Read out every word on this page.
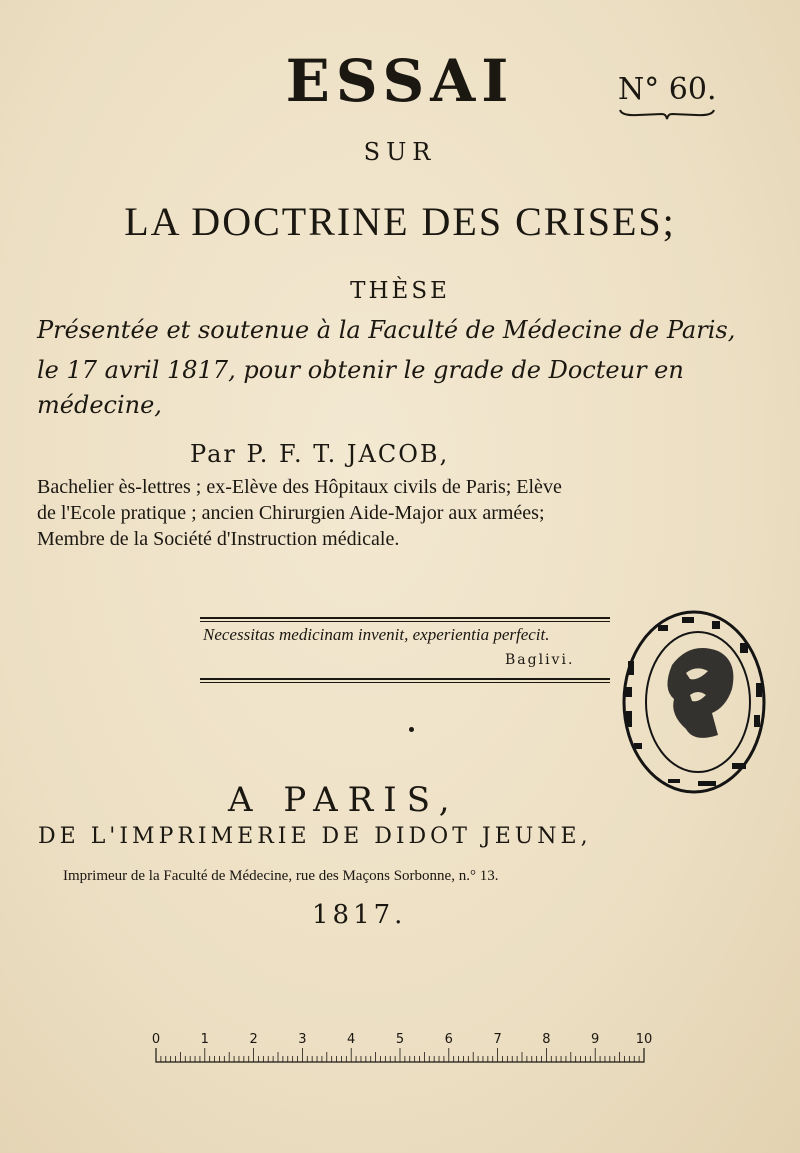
ESSAI	N° 60.
SUR
LA DOCTRINE DES CRISES;
THÈSE
Présentée et soutenue à la Faculté de Médecine de Paris,
le 17 avril 1817, pour obtenir le grade de Docteur en
médecine,
Par P. F. T. JACOB,
Bachelier ès-lettres ; ex-Elève des Hôpitaux civils de Paris; Elève
de l'Ecole pratique ; ancien Chirurgien Aide-Major aux armées;
Membre de la Société d'Instruction médicale.
Necessitas medicinam invenit, experientia perfecit.
Baglivi.
A PARIS,
DE L'IMPRIMERIE DE DIDOT JEUNE,
Imprimeur de la Faculté de Médecine, rue des Maçons Sorbonne, n.° 13.
1817.
0	1	2	3	4	5	6	7	8	9	10
